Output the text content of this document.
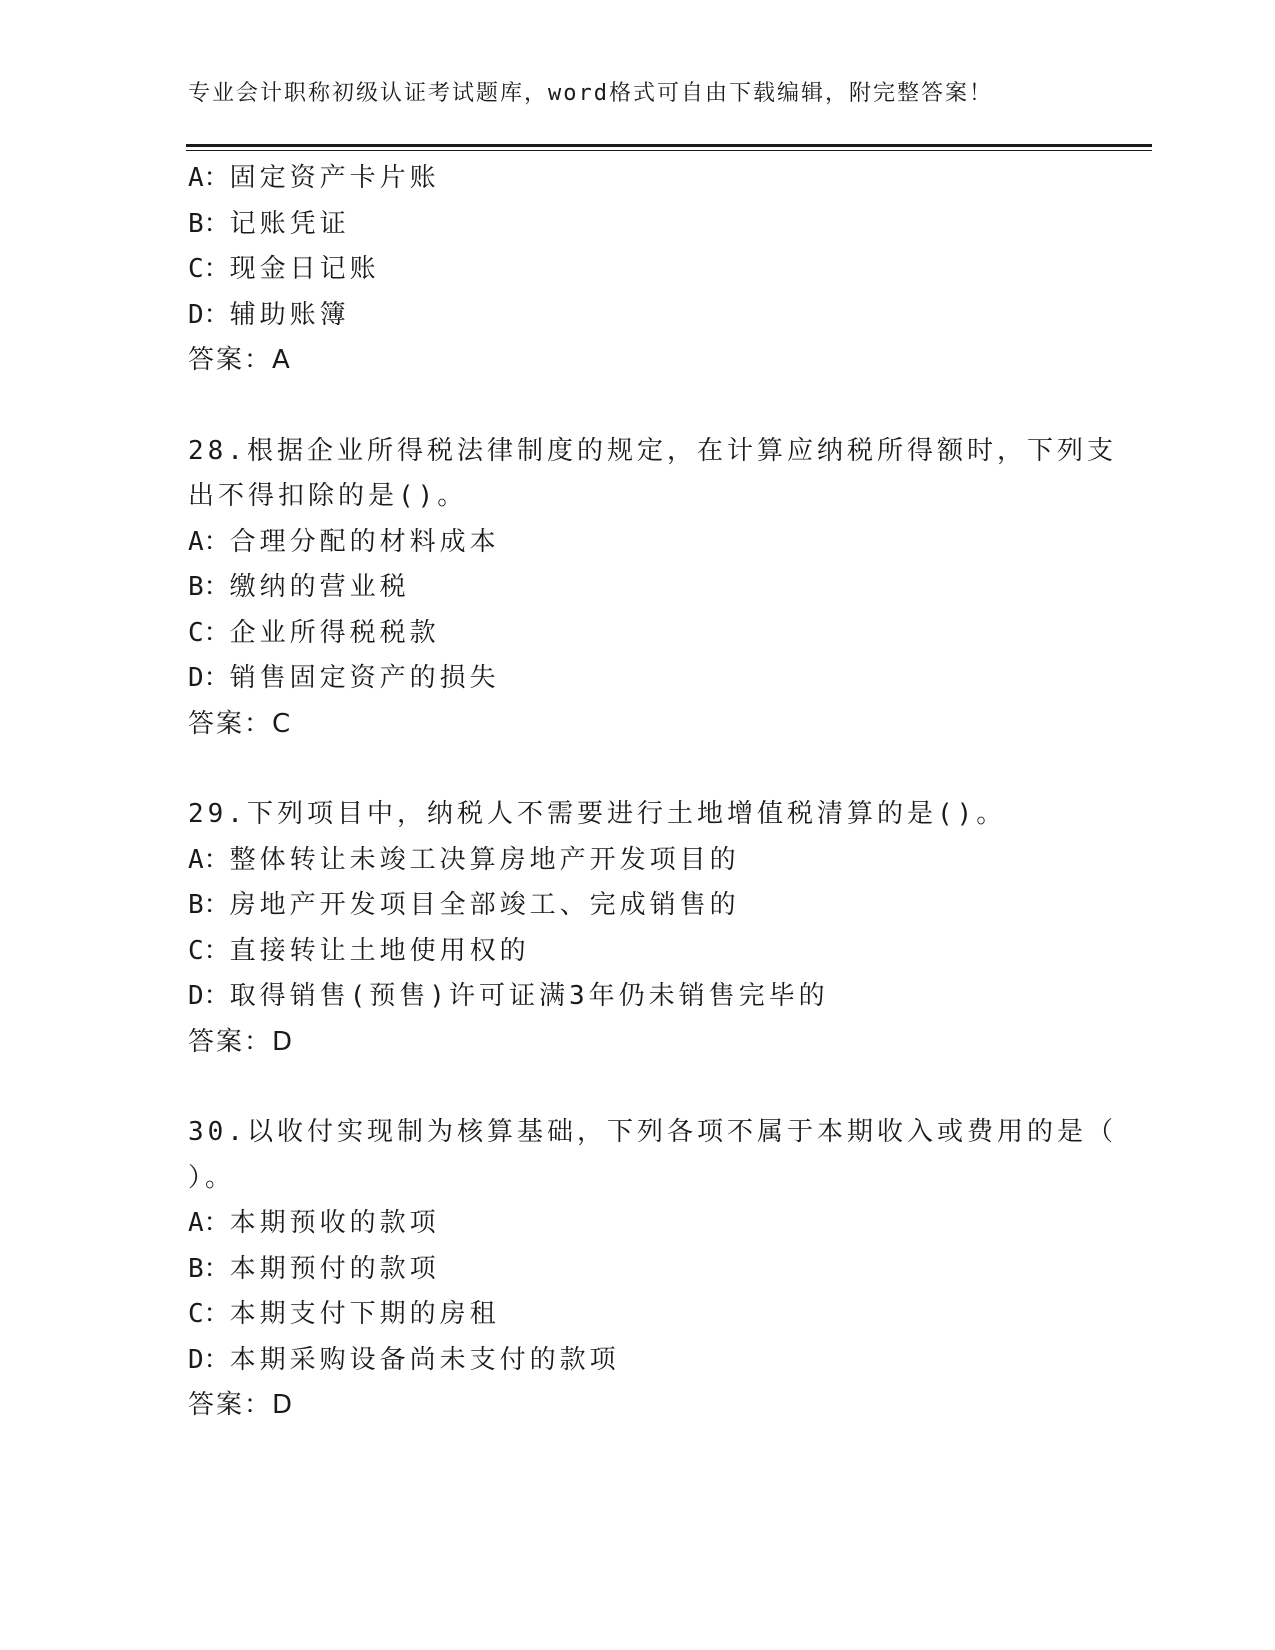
专业会计职称初级认证考试题库，word格式可自由下载编辑，附完整答案！
A：固定资产卡片账
B：记账凭证
C：现金日记账
D：辅助账簿
答案：A
28.根据企业所得税法律制度的规定，在计算应纳税所得额时，下列支
出不得扣除的是()。
A：合理分配的材料成本
B：缴纳的营业税
C：企业所得税税款
D：销售固定资产的损失
答案：C
29.下列项目中，纳税人不需要进行土地增值税清算的是()。
A：整体转让未竣工决算房地产开发项目的
B：房地产开发项目全部竣工、完成销售的
C：直接转让土地使用权的
D：取得销售(预售)许可证满3年仍未销售完毕的
答案：D
30.以收付实现制为核算基础，下列各项不属于本期收入或费用的是（
）。
A：本期预收的款项
B：本期预付的款项
C：本期支付下期的房租
D：本期采购设备尚未支付的款项
答案：D
